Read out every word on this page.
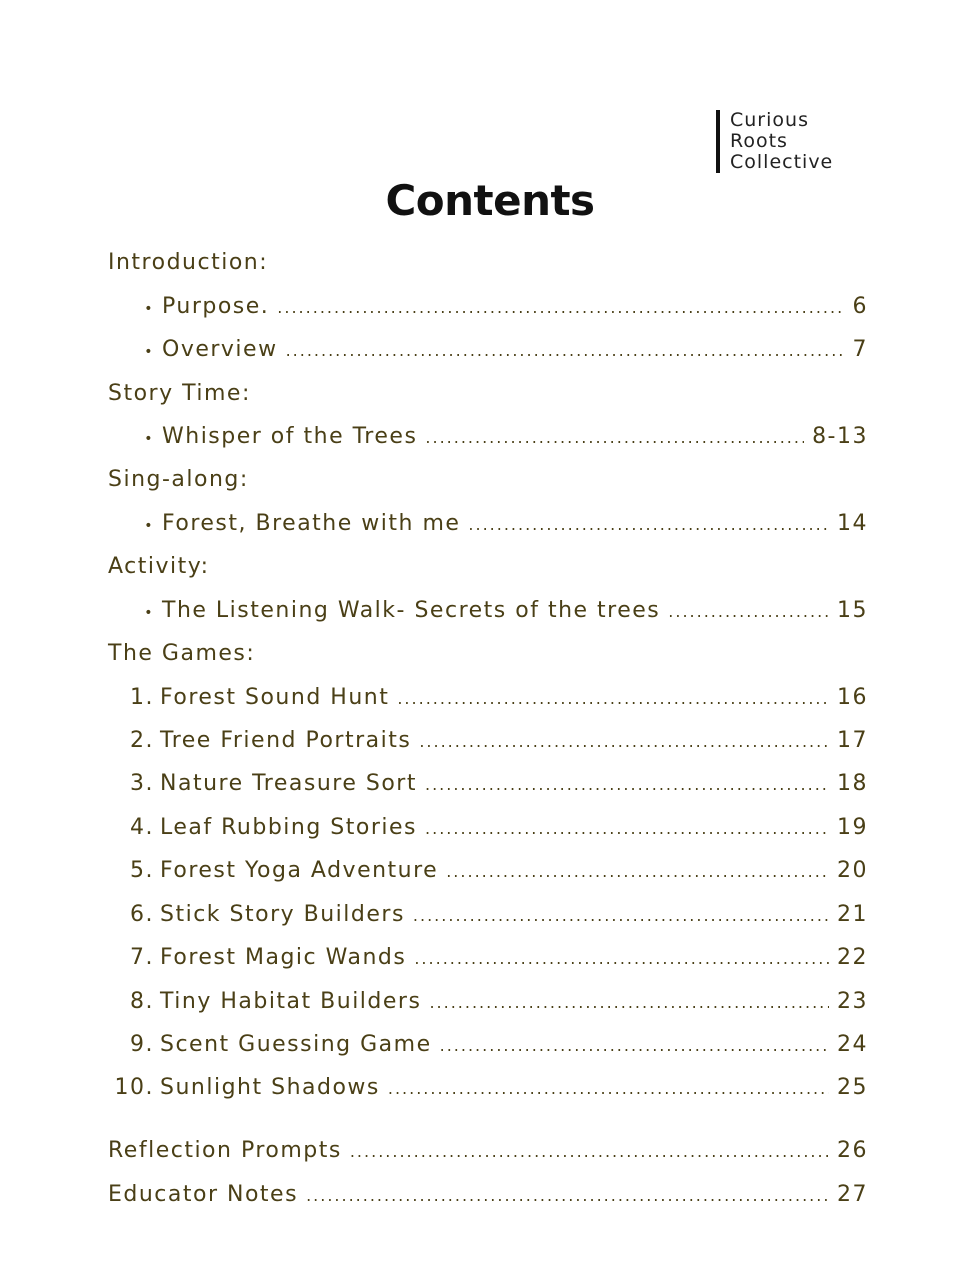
Curious
Roots
Collective
Contents
Introduction:
• Purpose. .....	6
• Overview .....	7
Story Time:
• Whisper of the Trees .....	8-13
Sing-along:
• Forest, Breathe with me .....	14
Activity:
• The Listening Walk- Secrets of the trees .....	15
The Games:
1. Forest Sound Hunt .....	16
2. Tree Friend Portraits .....	17
3. Nature Treasure Sort .....	18
4. Leaf Rubbing Stories .....	19
5. Forest Yoga Adventure .....	20
6. Stick Story Builders .....	21
7. Forest Magic Wands .....	22
8. Tiny Habitat Builders .....	23
9. Scent Guessing Game .....	24
10. Sunlight Shadows .....	25
Reflection Prompts .....	26
Educator Notes .....	27
